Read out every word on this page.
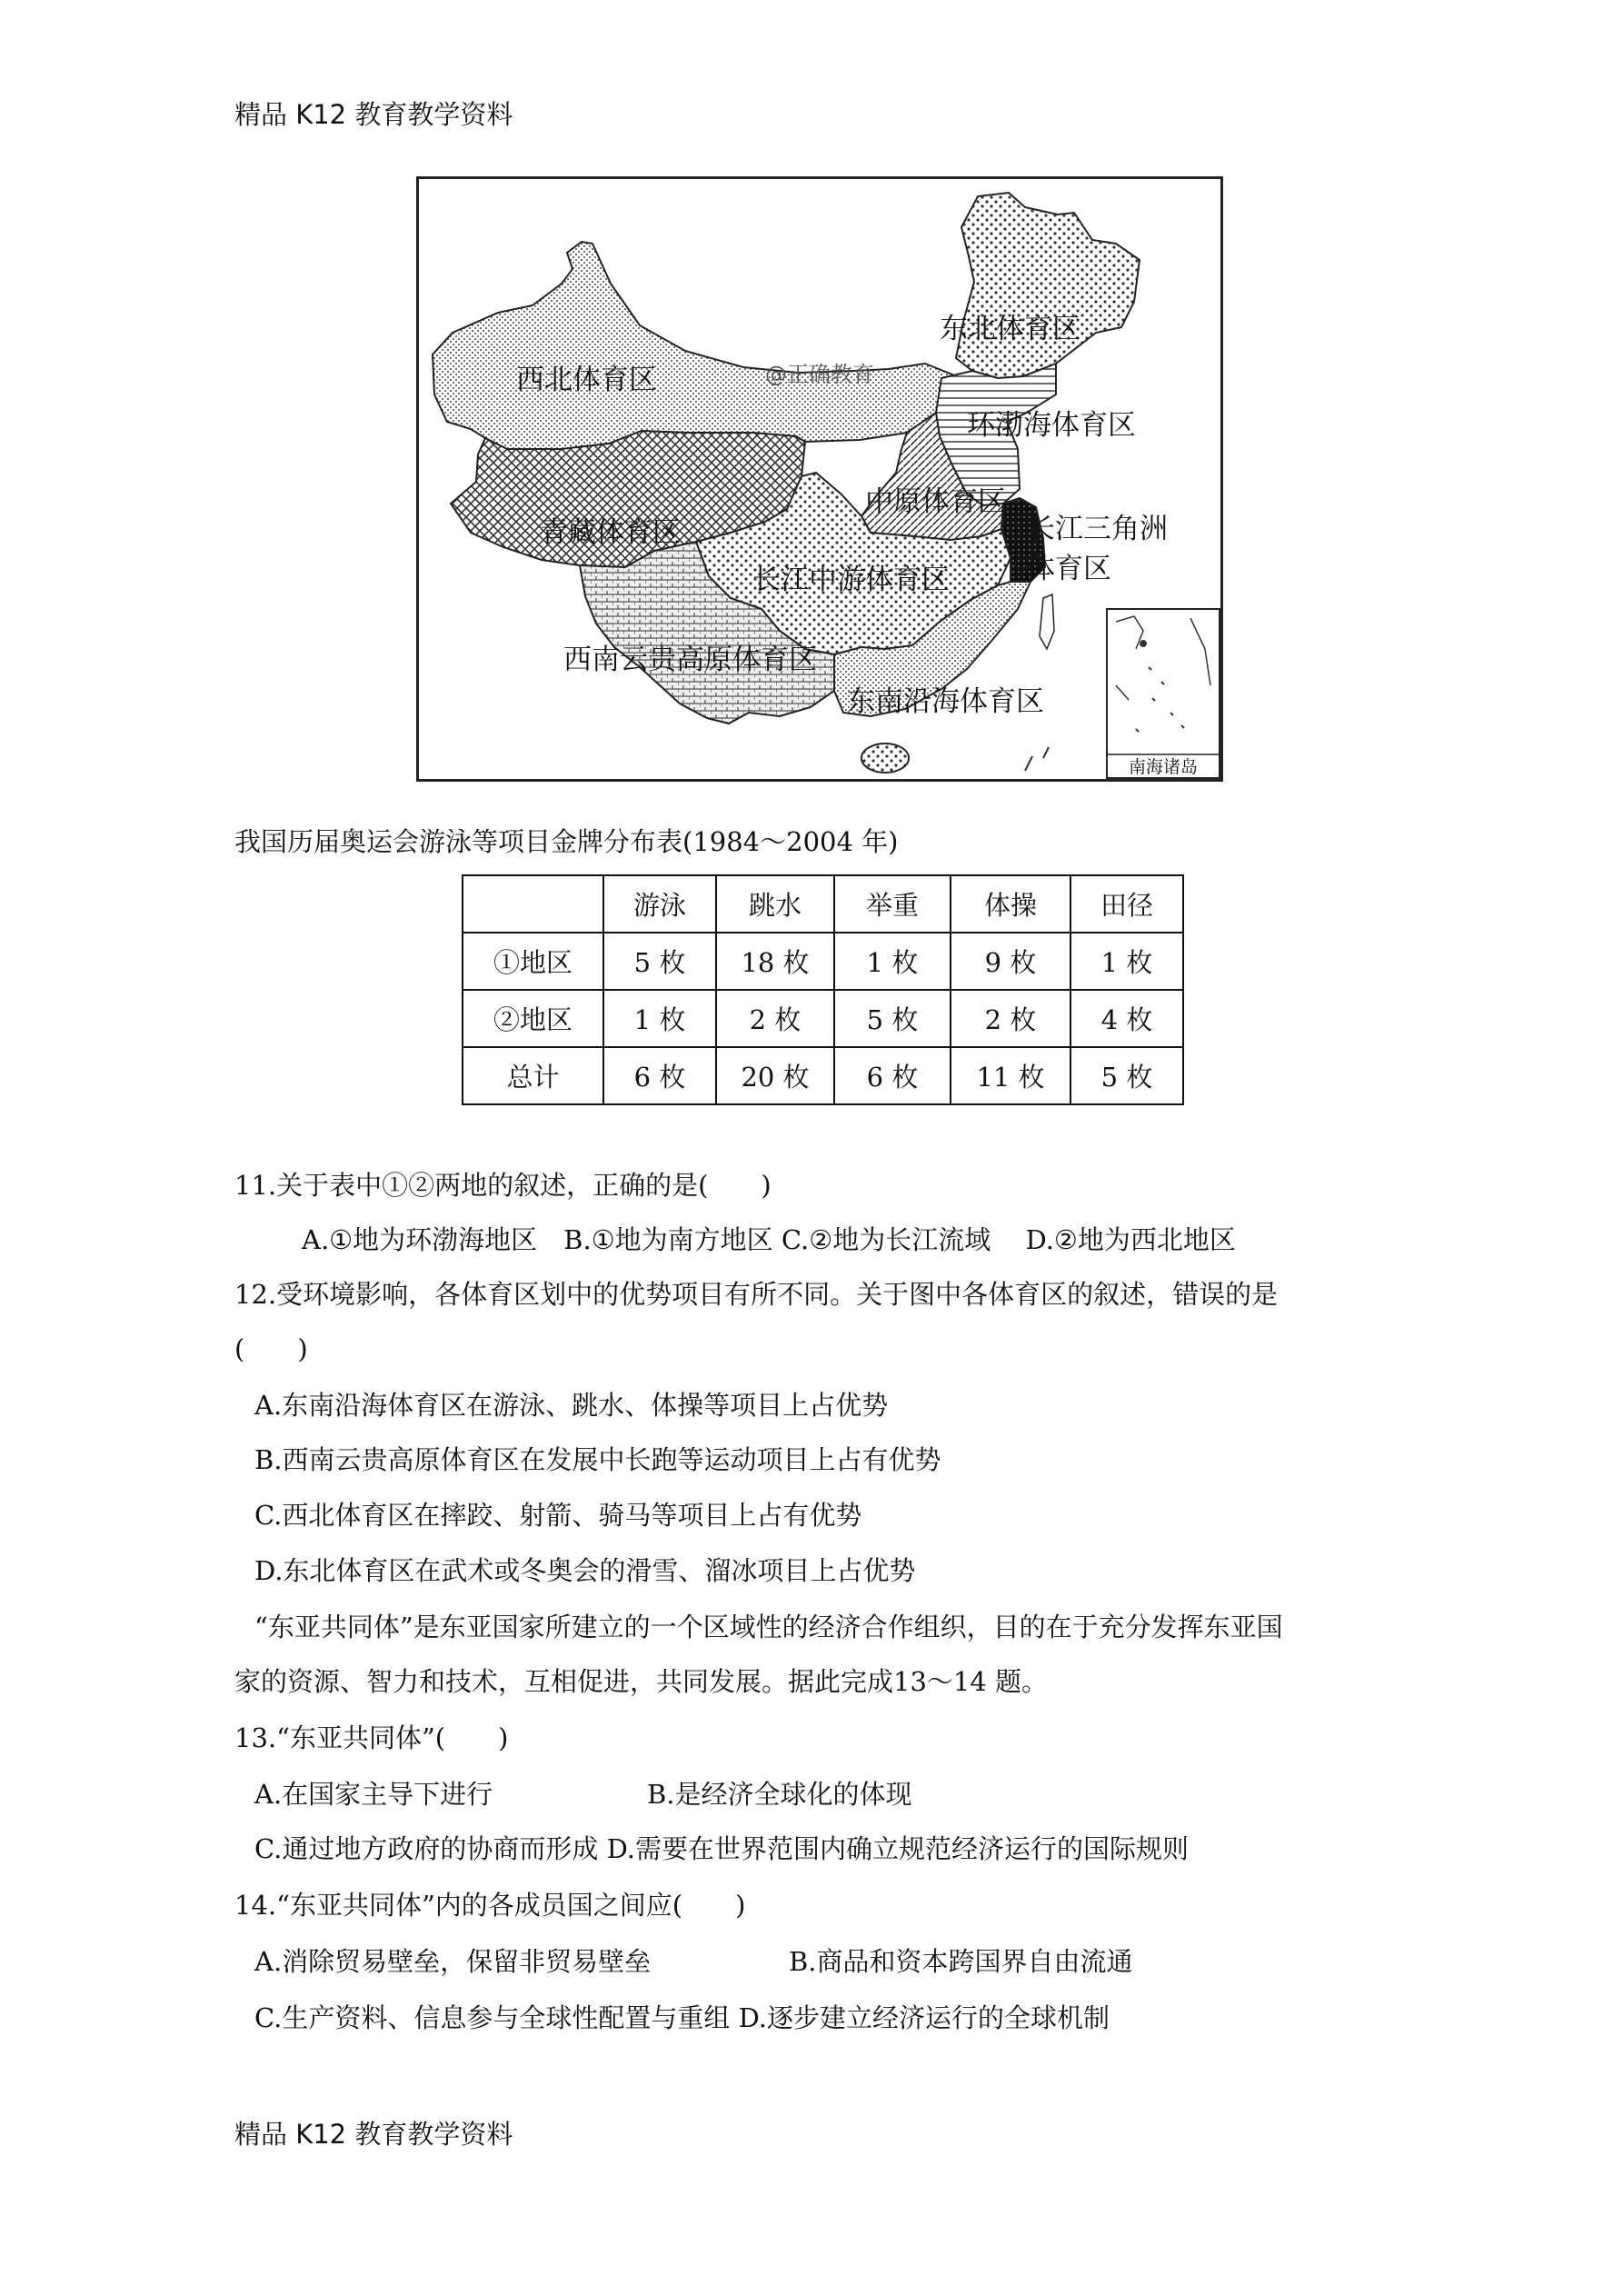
精品 K12 教育教学资料
南海诸岛
西北体育区	@正确教育
东北体育区
环渤海体育区
青藏体育区
中原体育区
长江三角洲
体育区
长江中游体育区
西南云贵高原体育区
东南沿海体育区
我国历届奥运会游泳等项目金牌分布表(1984～2004 年)
	游泳	跳水	举重	体操	田径
①地区	5 枚	18 枚	1 枚	9 枚	1 枚
②地区	1 枚	2 枚	5 枚	2 枚	4 枚
总计	6 枚	20 枚	6 枚	11 枚	5 枚
11.关于表中①②两地的叙述，正确的是(　　)
A.①地为环渤海地区　B.①地为南方地区 C.②地为长江流域　 D.②地为西北地区
12.受环境影响，各体育区划中的优势项目有所不同。关于图中各体育区的叙述，错误的是
(　　)
A.东南沿海体育区在游泳、跳水、体操等项目上占优势
B.西南云贵高原体育区在发展中长跑等运动项目上占有优势
C.西北体育区在摔跤、射箭、骑马等项目上占有优势
D.东北体育区在武术或冬奥会的滑雪、溜冰项目上占优势
“东亚共同体”是东亚国家所建立的一个区域性的经济合作组织，目的在于充分发挥东亚国
家的资源、智力和技术，互相促进，共同发展。据此完成13～14 题。
13.“东亚共同体”(　　)
A.在国家主导下进行	B.是经济全球化的体现
C.通过地方政府的协商而形成 D.需要在世界范围内确立规范经济运行的国际规则
14.“东亚共同体”内的各成员国之间应(　　)
A.消除贸易壁垒，保留非贸易壁垒	B.商品和资本跨国界自由流通
C.生产资料、信息参与全球性配置与重组 D.逐步建立经济运行的全球机制
精品 K12 教育教学资料
